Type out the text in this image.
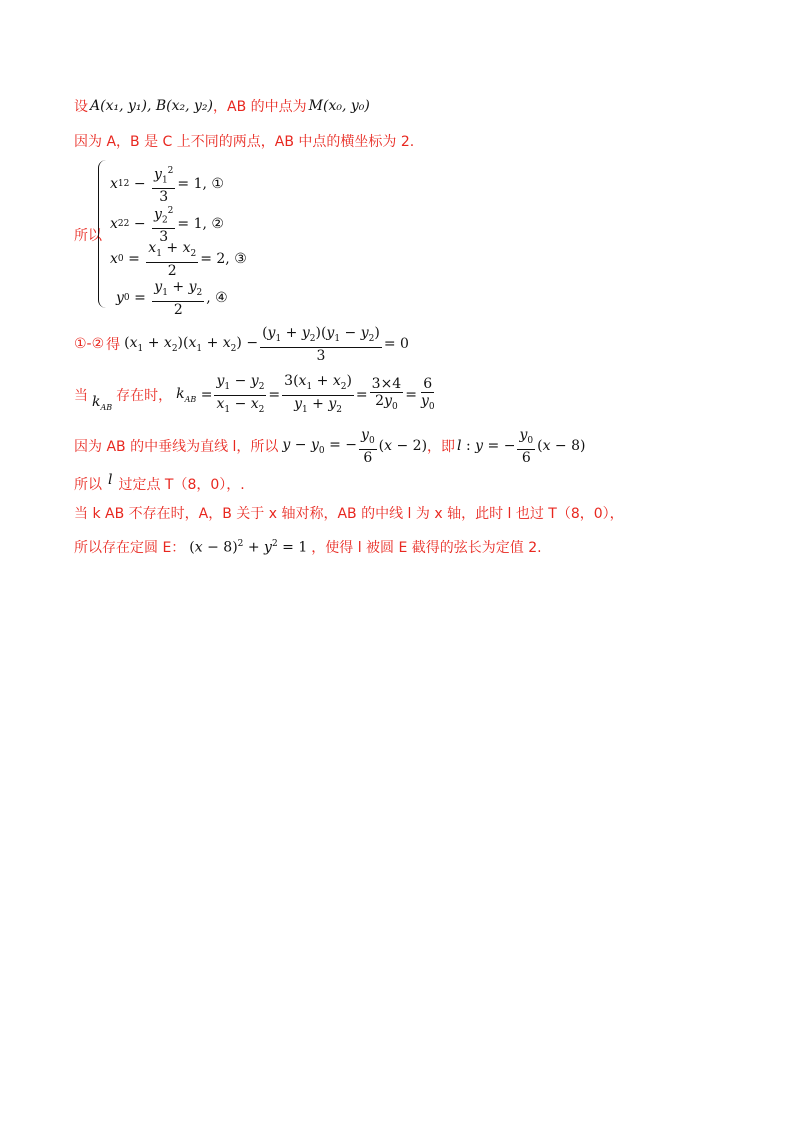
设 A(x₁, y₁), B(x₂, y₂) ，AB 的中点为 M(x₀, y₀)
因为 A，B 是 C 上不同的两点，AB 中点的横坐标为 2.
所以
x 1 $2 - \frac{y_1^2}{3} = 1$, ①
x 2 $2 - \frac{y_2^2}{3} = 1$, ②
x $0 = \frac{x_1 + x_2}{2} = 2$, ③
y $0 = \frac{y_1 + y_2}{2}$ , ④
①-② 得 $(x_1 + x_2)(x_1 + x_2) - \frac{(y_1 + y_2)(y_1 - y_2)}{3} = 0$
当 $k_{AB}$
存在时， $k_{AB} = \frac{y_1 - y_2}{x_1 - x_2} = \frac{3(x_1 + x_2)}{y_1 + y_2} = \frac{3\times 4}{2y_0} = \frac{6}{y_0}$
因为 AB 的中垂线为直线 l，所以 $y - y_0$ = − $\frac{y_0}{6} (x - 2)$ ，即 l : y = − $\frac{y_0}{6} (x - 8)$
所以 l 过定点 T（8，0），.
当 k AB 不存在时，A，B 关于 x 轴对称，AB 的中线 l 为 x 轴，此时 l 也过 T（8，0），
所以存在定圆 E： $(x - 8)^2 + y^2 = 1$ ，使得 l 被圆 E 截得的弦长为定值 2.
